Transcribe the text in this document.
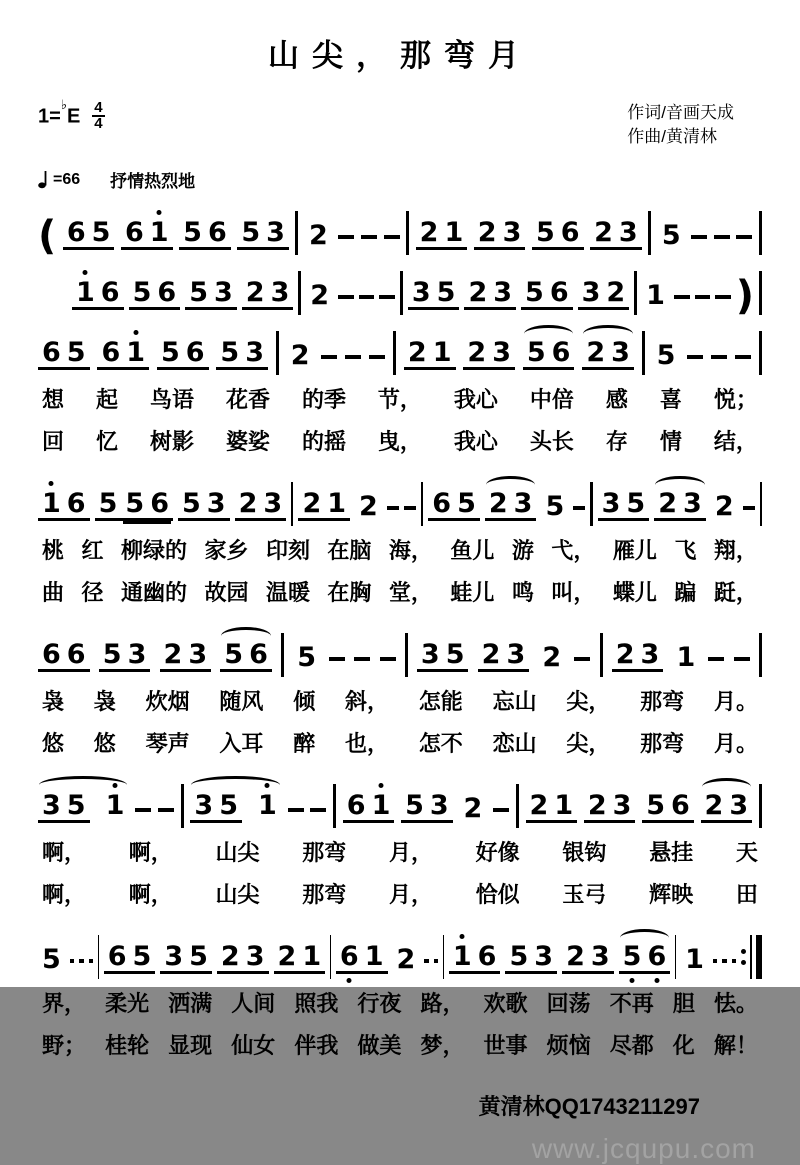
山尖，那弯月
$1=^♭E \frac{4}{4}$	作词/音画天成
作曲/黄清林
=66 抒情热烈地
( 6 5 6 1 5 6 5 3 2	2 1 2 3 5 6 2 3 5
1 6 5 6 5 3 2 3 2	3 5 2 3 5 6 3 2 1 )
6 5 6 1 5 6 5 3 2	2 1 2 3 5 6 2 3 5
想 起 鸟语 花香 的季 节， 我心 中倍 感 喜 悦；
回 忆 树影 婆娑 的摇 曳， 我心 头长 存 情 结，
1 6 5 5 6 5 3 2 3 2 1 2 6 5 2 3 5 3 5 2 3 2
桃 红 柳绿的 家乡 印刻 在脑 海， 鱼儿 游 弋， 雁儿 飞 翔，
曲 径 通幽的 故园 温暖 在胸 堂， 蛙儿 鸣 叫， 蝶儿 蹁 跹，
6 6 5 3 2 3 5 6 5	3 5 2 3 2 2 3 1
袅 袅 炊烟 随风 倾 斜， 怎能 忘山 尖， 那弯 月。
悠 悠 琴声 入耳 醉 也， 怎不 恋山 尖， 那弯 月。
3 5 1	3 5 1	6 1 5 3 2 2 1 2 3 5 6 2 3
啊， 啊， 山尖 那弯 月， 好像 银钩 悬挂 天
啊， 啊， 山尖 那弯 月， 恰似 玉弓 辉映 田
5 6 5 3 5 2 3 2 1 6 1 2 1 6 5 3 2 3 5 6 1
界， 柔光 洒满 人间 照我 行夜 路， 欢歌 回荡 不再 胆 怯。
野； 桂轮 显现 仙女 伴我 做美 梦， 世事 烦恼 尽都 化 解！
黄清林QQ1743211297
www.jcqupu.com
